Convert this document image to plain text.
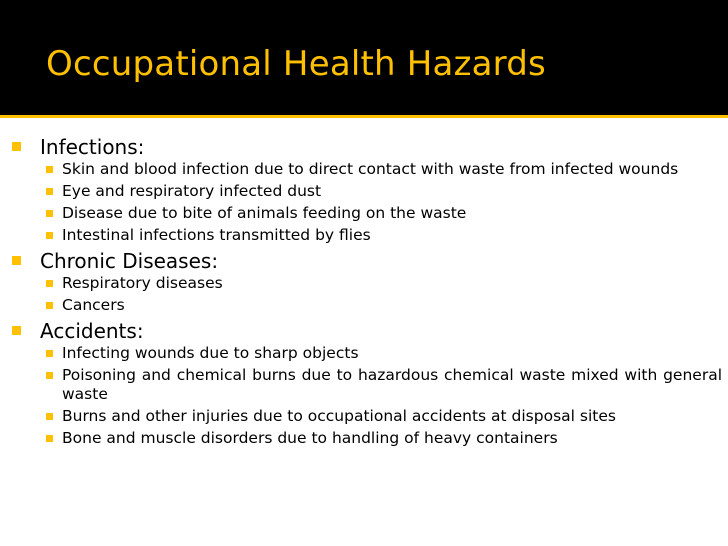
Occupational Health Hazards
Infections:
Skin and blood infection due to direct contact with waste from infected wounds
Eye and respiratory infected dust
Disease due to bite of animals feeding on the waste
Intestinal infections transmitted by flies
Chronic Diseases:
Respiratory diseases
Cancers
Accidents:
Infecting wounds due to sharp objects
Poisoning and chemical burns due to hazardous chemical waste mixed with general waste
Burns and other injuries due to occupational accidents at disposal sites
Bone and muscle disorders due to handling of heavy containers
